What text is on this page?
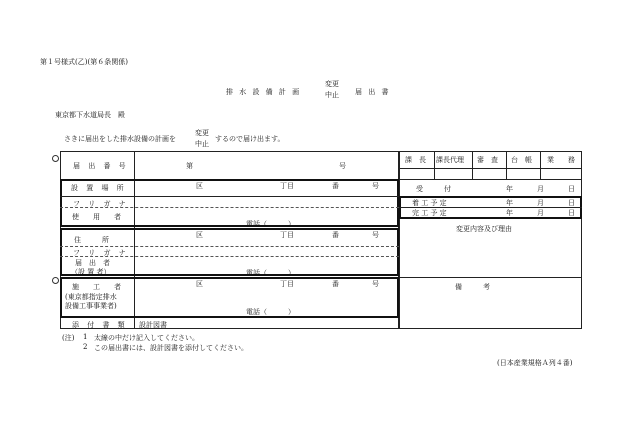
第１号様式(乙)(第６条関係)
排 水 設 備 計 画
変更
中止 届 出 書
東京都下水道局長　殿
さきに届出をした排水設備の計画を
変更
中止
するので届け出ます。
届 出 番 号	第	号
設 置 場 所	区	丁目	番	号
フ リ ガ ナ
使　　用　　者
電話（　　　）
住　　　所
区	丁目	番	号
フ リ ガ ナ
届　出　者
（設 置 者）	電話（　　　）
施　　工　　者
(東京都指定排水
設備工事事業者)
区	丁目	番	号
電話（　　　）
添 付 書 類 設計図書
課　長 課長代理 審　査 台　帳 業　　務
受　　　付	年	月	日
着 工 予 定	年	月	日
完 工 予 定	年	月	日
変更内容及び理由
備　　　考
(注) 1 太線の中だけ記入してください。
2 この届出書には、設計図書を添付してください。
(日本産業規格Ａ列４番)
